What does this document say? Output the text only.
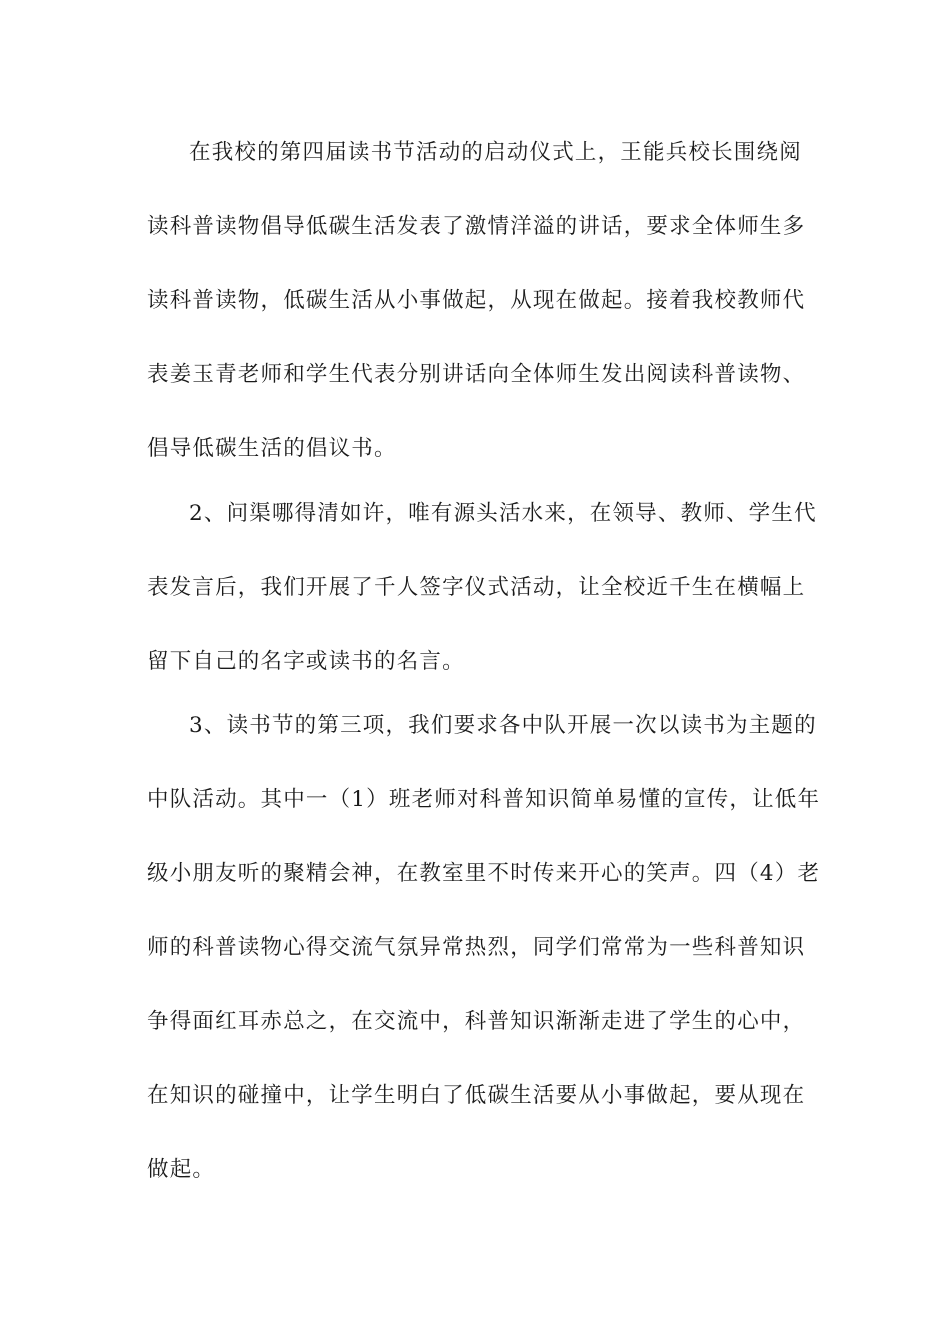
在我校的第四届读书节活动的启动仪式上，王能兵校长围绕阅
读科普读物倡导低碳生活发表了激情洋溢的讲话，要求全体师生多
读科普读物，低碳生活从小事做起，从现在做起。接着我校教师代
表姜玉青老师和学生代表分别讲话向全体师生发出阅读科普读物、
倡导低碳生活的倡议书。
2、问渠哪得清如许，唯有源头活水来，在领导、教师、学生代
表发言后，我们开展了千人签字仪式活动，让全校近千生在横幅上
留下自己的名字或读书的名言。
3、读书节的第三项，我们要求各中队开展一次以读书为主题的
中队活动。其中一（1）班老师对科普知识简单易懂的宣传，让低年
级小朋友听的聚精会神，在教室里不时传来开心的笑声。四（4）老
师的科普读物心得交流气氛异常热烈，同学们常常为一些科普知识
争得面红耳赤总之，在交流中，科普知识渐渐走进了学生的心中，
在知识的碰撞中，让学生明白了低碳生活要从小事做起，要从现在
做起。
